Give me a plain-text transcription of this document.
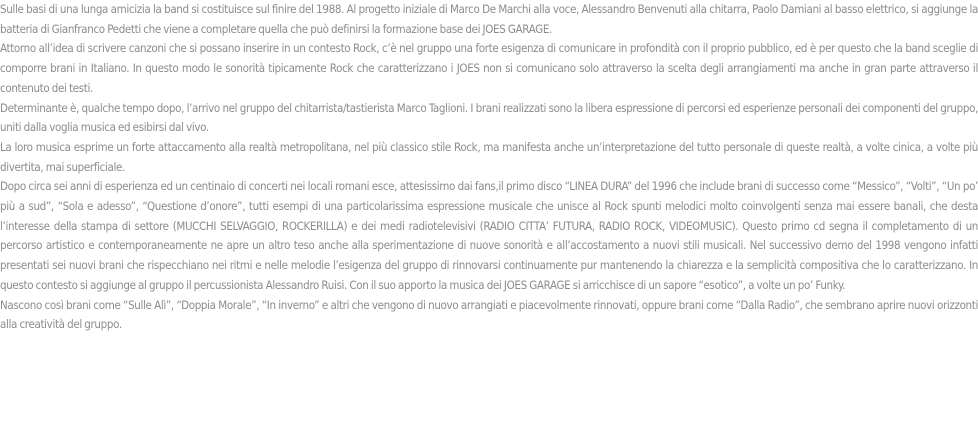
Sulle basi di una lunga amicizia la band si costituisce sul finire del 1988. Al progetto iniziale di Marco De Marchi alla voce, Alessandro Benvenuti alla chitarra, Paolo Damiani al basso elettrico, si aggiunge la batteria di Gianfranco Pedetti che viene a completare quella che può definirsi la formazione base dei JOES GARAGE.

Attorno all’idea di scrivere canzoni che si possano inserire in un contesto Rock, c’è nel gruppo una forte esigenza di comunicare in profondità con il proprio pubblico, ed è per questo che la band sceglie di comporre brani in Italiano. In questo modo le sonorità tipicamente Rock che caratterizzano i JOES non si comunicano solo attraverso la scelta degli arrangiamenti ma anche in gran parte attraverso il contenuto dei testi.

Determinante è, qualche tempo dopo, l’arrivo nel gruppo del chitarrista/tastierista Marco Taglioni. I brani realizzati sono la libera espressione di percorsi ed esperienze personali dei componenti del gruppo, uniti dalla voglia musica ed esibirsi dal vivo.

La loro musica esprime un forte attaccamento alla realtà metropolitana, nel più classico stile Rock, ma manifesta anche un’interpretazione del tutto personale di queste realtà, a volte cinica, a volte più divertita, mai superficiale.

Dopo circa sei anni di esperienza ed un centinaio di concerti nei locali romani esce, attesissimo dai fans,il primo disco “LINEA DURA” del 1996 che include brani di successo come “Messico”, “Volti”, “Un po’ più a sud”, “Sola e adesso”, “Questione d’onore”, tutti esempi di una particolarissima espressione musicale che unisce al Rock spunti melodici molto coinvolgenti senza mai essere banali, che desta l’interesse della stampa di settore (MUCCHI SELVAGGIO, ROCKERILLA) e dei medi radiotelevisivi (RADIO CITTA’ FUTURA, RADIO ROCK, VIDEOMUSIC). Questo primo cd segna il completamento di un percorso artistico e contemporaneamente ne apre un altro teso anche alla sperimentazione di nuove sonorità e all’accostamento a nuovi stili musicali. Nel successivo demo del 1998 vengono infatti presentati sei nuovi brani che rispecchiano nei ritmi e nelle melodie l’esigenza del gruppo di rinnovarsi continuamente pur mantenendo la chiarezza e la semplicità compositiva che lo caratterizzano. In questo contesto si aggiunge al gruppo il percussionista Alessandro Ruisi. Con il suo apporto la musica dei JOES GARAGE si arricchisce di un sapore “esotico”, a volte un po’ Funky.

Nascono così brani come “Sulle Alì”, “Doppia Morale”, “In inverno” e altri che vengono di nuovo arrangiati e piacevolmente rinnovati, oppure brani come “Dalla Radio”, che sembrano aprire nuovi orizzonti alla creatività del gruppo.
